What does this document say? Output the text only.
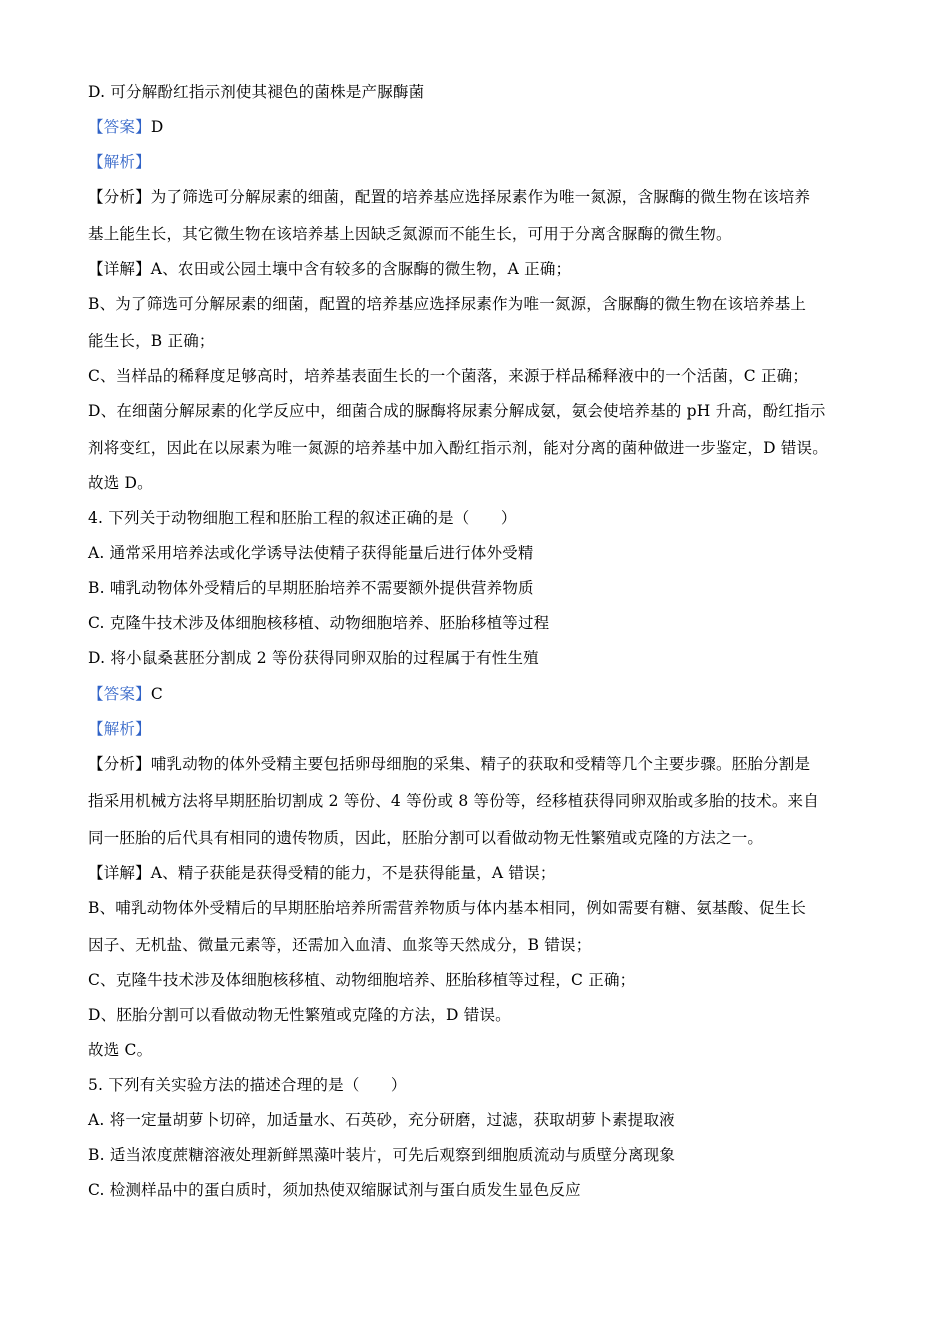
D. 可分解酚红指示剂使其褪色的菌株是产脲酶菌
【答案】D
【解析】
【分析】为了筛选可分解尿素的细菌，配置的培养基应选择尿素作为唯一氮源，含脲酶的微生物在该培养
基上能生长，其它微生物在该培养基上因缺乏氮源而不能生长，可用于分离含脲酶的微生物。
【详解】A、农田或公园土壤中含有较多的含脲酶的微生物，A 正确；
B、为了筛选可分解尿素的细菌，配置的培养基应选择尿素作为唯一氮源，含脲酶的微生物在该培养基上
能生长，B 正确；
C、当样品的稀释度足够高时，培养基表面生长的一个菌落，来源于样品稀释液中的一个活菌，C 正确；
D、在细菌分解尿素的化学反应中，细菌合成的脲酶将尿素分解成氨，氨会使培养基的 pH 升高，酚红指示
剂将变红，因此在以尿素为唯一氮源的培养基中加入酚红指示剂，能对分离的菌种做进一步鉴定，D 错误。
故选 D。
4. 下列关于动物细胞工程和胚胎工程的叙述正确的是（　　）
A. 通常采用培养法或化学诱导法使精子获得能量后进行体外受精
B. 哺乳动物体外受精后的早期胚胎培养不需要额外提供营养物质
C. 克隆牛技术涉及体细胞核移植、动物细胞培养、胚胎移植等过程
D. 将小鼠桑葚胚分割成 2 等份获得同卵双胎的过程属于有性生殖
【答案】C
【解析】
【分析】哺乳动物的体外受精主要包括卵母细胞的采集、精子的获取和受精等几个主要步骤。胚胎分割是
指采用机械方法将早期胚胎切割成 2 等份、4 等份或 8 等份等，经移植获得同卵双胎或多胎的技术。来自
同一胚胎的后代具有相同的遗传物质，因此，胚胎分割可以看做动物无性繁殖或克隆的方法之一。
【详解】A、精子获能是获得受精的能力，不是获得能量，A 错误；
B、哺乳动物体外受精后的早期胚胎培养所需营养物质与体内基本相同，例如需要有糖、氨基酸、促生长
因子、无机盐、微量元素等，还需加入血清、血浆等天然成分，B 错误；
C、克隆牛技术涉及体细胞核移植、动物细胞培养、胚胎移植等过程，C 正确；
D、胚胎分割可以看做动物无性繁殖或克隆的方法，D 错误。
故选 C。
5. 下列有关实验方法的描述合理的是（　　）
A. 将一定量胡萝卜切碎，加适量水、石英砂，充分研磨，过滤，获取胡萝卜素提取液
B. 适当浓度蔗糖溶液处理新鲜黑藻叶装片，可先后观察到细胞质流动与质壁分离现象
C. 检测样品中的蛋白质时，须加热使双缩脲试剂与蛋白质发生显色反应
